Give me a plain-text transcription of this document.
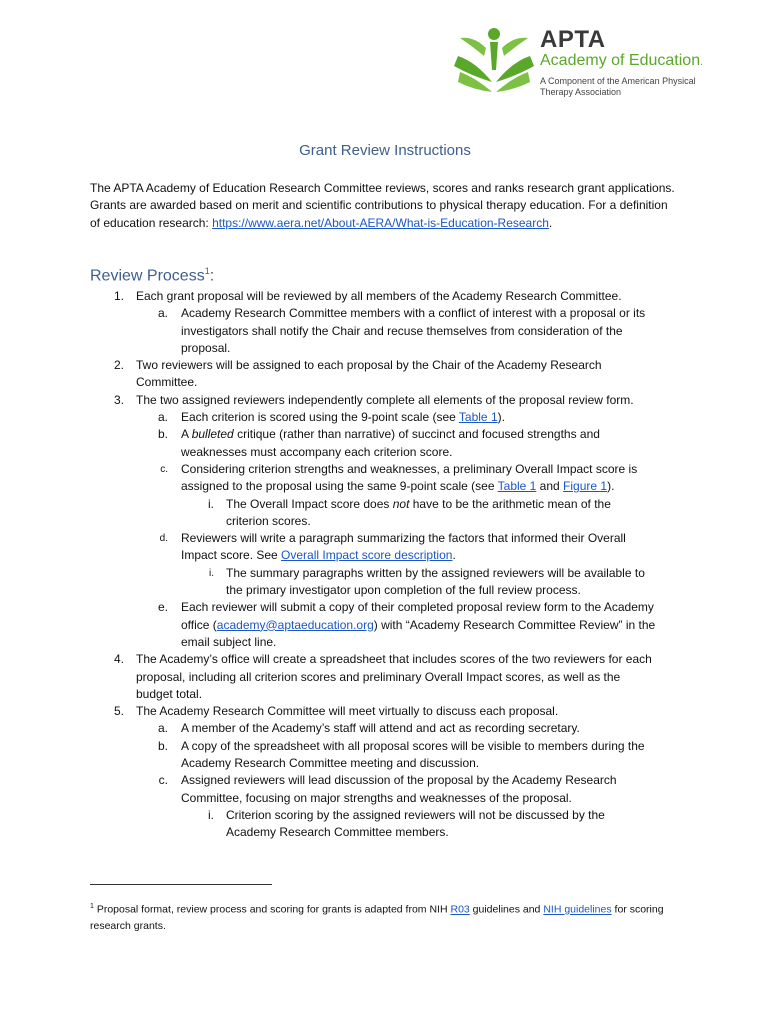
APTA
Academy of Education.
A Component of the American Physical Therapy Association
Grant Review Instructions
The APTA Academy of Education Research Committee reviews, scores and ranks research grant applications. Grants are awarded based on merit and scientific contributions to physical therapy education. For a definition of education research: https://www.aera.net/About-AERA/What-is-Education-Research.
Review Process$^1$:
1. Each grant proposal will be reviewed by all members of the Academy Research Committee.
a. Academy Research Committee members with a conflict of interest with a proposal or its investigators shall notify the Chair and recuse themselves from consideration of the proposal.
2. Two reviewers will be assigned to each proposal by the Chair of the Academy Research Committee.
3. The two assigned reviewers independently complete all elements of the proposal review form.
a. Each criterion is scored using the 9-point scale (see Table 1).
b. A bulleted critique (rather than narrative) of succinct and focused strengths and weaknesses must accompany each criterion score.
c. Considering criterion strengths and weaknesses, a preliminary Overall Impact score is assigned to the proposal using the same 9-point scale (see Table 1 and Figure 1).
i. The Overall Impact score does not have to be the arithmetic mean of the criterion scores.
d. Reviewers will write a paragraph summarizing the factors that informed their Overall Impact score. See Overall Impact score description.
i. The summary paragraphs written by the assigned reviewers will be available to the primary investigator upon completion of the full review process.
e. Each reviewer will submit a copy of their completed proposal review form to the Academy office (academy@aptaeducation.org) with “Academy Research Committee Review” in the email subject line.
4. The Academy’s office will create a spreadsheet that includes scores of the two reviewers for each proposal, including all criterion scores and preliminary Overall Impact scores, as well as the budget total.
5. The Academy Research Committee will meet virtually to discuss each proposal.
a. A member of the Academy’s staff will attend and act as recording secretary.
b. A copy of the spreadsheet with all proposal scores will be visible to members during the Academy Research Committee meeting and discussion.
c. Assigned reviewers will lead discussion of the proposal by the Academy Research Committee, focusing on major strengths and weaknesses of the proposal.
i. Criterion scoring by the assigned reviewers will not be discussed by the Academy Research Committee members.
$^1$ Proposal format, review process and scoring for grants is adapted from NIH R03 guidelines and NIH guidelines for scoring research grants.
